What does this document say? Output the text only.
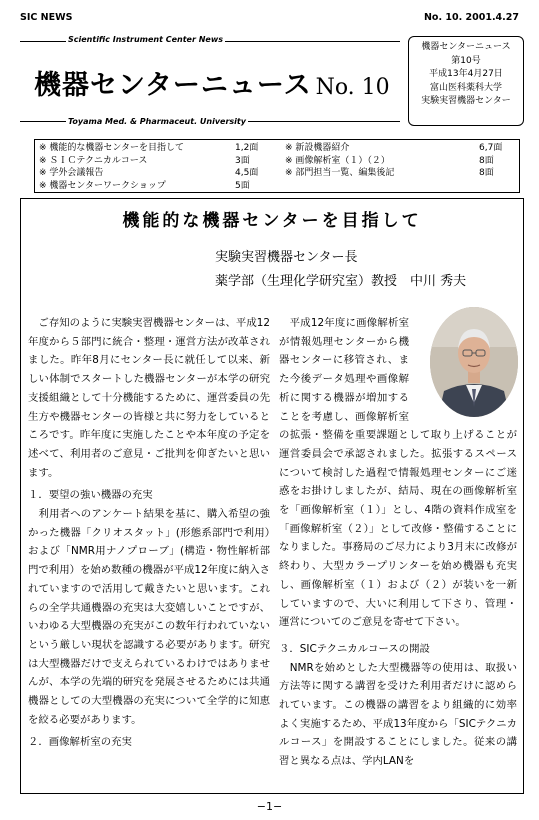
SIC NEWS	No. 10. 2001.4.27
Scientific Instrument Center News
機器センターニュース No. 10
Toyama Med. & Pharmaceut. University
機器センターニュース
第10号
平成13年4月27日
富山医科薬科大学
実験実習機器センター
※ 機能的な機器センターを目指して	1,2面	※ 新設機器紹介	6,7面
※ ＳＩＣテクニカルコース	3面	※ 画像解析室（１）（２）	8面
※ 学外会議報告	4,5面	※ 部門担当一覧、編集後記	8面
※ 機器センターワークショップ	5面
機能的な機器センターを目指して
実験実習機器センター長
薬学部（生理化学研究室）教授　中川 秀夫

　ご存知のように実験実習機器センターは、平成12年度から５部門に統合・整理・運営方法が改革されました。昨年8月にセンター長に就任して以来、新しい体制でスタートした機器センターが本学の研究支援組織として十分機能するために、運営委員の先生方や機器センターの皆様と共に努力をしているところです。昨年度に実施したことや本年度の予定を述べて、利用者のご意見・ご批判を仰ぎたいと思います。

１．要望の強い機器の充実

　利用者へのアンケート結果を基に、購入希望の強かった機器「クリオスタット」(形態系部門で利用）および「NMR用ナノプローブ」(構造・物性解析部門で利用）を始め数種の機器が平成12年度に納入されていますので活用して戴きたいと思います。これらの全学共通機器の充実は大変嬉しいことですが、いわゆる大型機器の充実がこの数年行われていないという厳しい現状を認識する必要があります。研究は大型機器だけで支えられているわけではありませんが、本学の先端的研究を発展させるためには共通機器としての大型機器の充実について全学的に知恵を絞る必要があります。

２．画像解析室の充実

　平成12年度に画像解析室が情報処理センターから機器センターに移管され、また今後データ処理や画像解析に関する機器が増加することを考慮し、画像解析室の拡張・整備を重要課題として取り上げることが運営委員会で承認されました。拡張するスペースについて検討した過程で情報処理センターにご迷惑をお掛けしましたが、結局、現在の画像解析室を「画像解析室（１）」とし、4階の資料作成室を「画像解析室（２）」として改修・整備することになりました。事務局のご尽力により3月末に改修が終わり、大型カラープリンターを始め機器も充実し、画像解析室（１）および（２）が装いを一新していますので、大いに利用して下さり、管理・運営についてのご意見を寄せて下さい。

３．SICテクニカルコースの開設

　NMRを始めとした大型機器等の使用は、取扱い方法等に関する講習を受けた利用者だけに認められています。この機器の講習をより組織的に効率よく実施するため、平成13年度から「SICテクニカルコース」を開設することにしました。従来の講習と異なる点は、学内LANを

−1−
